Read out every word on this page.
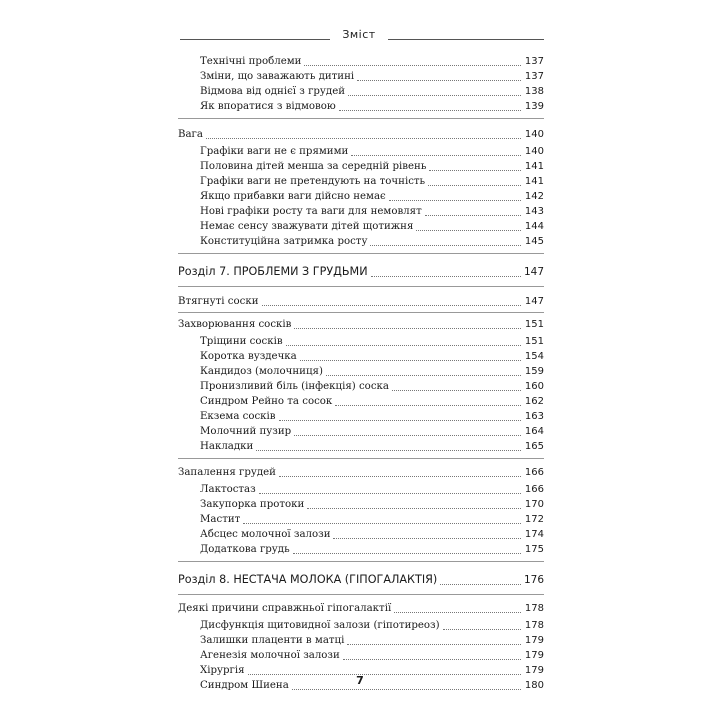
Зміст
Технічні проблеми	137
Зміни, що заважають дитині	137
Відмова від однієї з грудей	138
Як впоратися з відмовою	139
Вага	140
Графіки ваги не є прямими	140
Половина дітей менша за середній рівень	141
Графіки ваги не претендують на точність	141
Якщо прибавки ваги дійсно немає	142
Нові графіки росту та ваги для немовлят	143
Немає сенсу зважувати дітей щотижня	144
Конституційна затримка росту	145
Розділ 7. ПРОБЛЕМИ З ГРУДЬМИ	147
Втягнуті соски	147
Захворювання сосків	151
Тріщини сосків	151
Коротка вуздечка	154
Кандидоз (молочниця)	159
Пронизливий біль (інфекція) соска	160
Синдром Рейно та сосок	162
Екзема сосків	163
Молочний пузир	164
Накладки	165
Запалення грудей	166
Лактостаз	166
Закупорка протоки	170
Мастит	172
Абсцес молочної залози	174
Додаткова грудь	175
Розділ 8. НЕСТАЧА МОЛОКА (ГІПОГАЛАКТІЯ)	176
Деякі причини справжньої гіпогалактії	178
Дисфункція щитовидної залози (гіпотиреоз)	178
Залишки плаценти в матці	179
Агенезія молочної залози	179
Хірургія	179
Синдром Шиена	180
7
